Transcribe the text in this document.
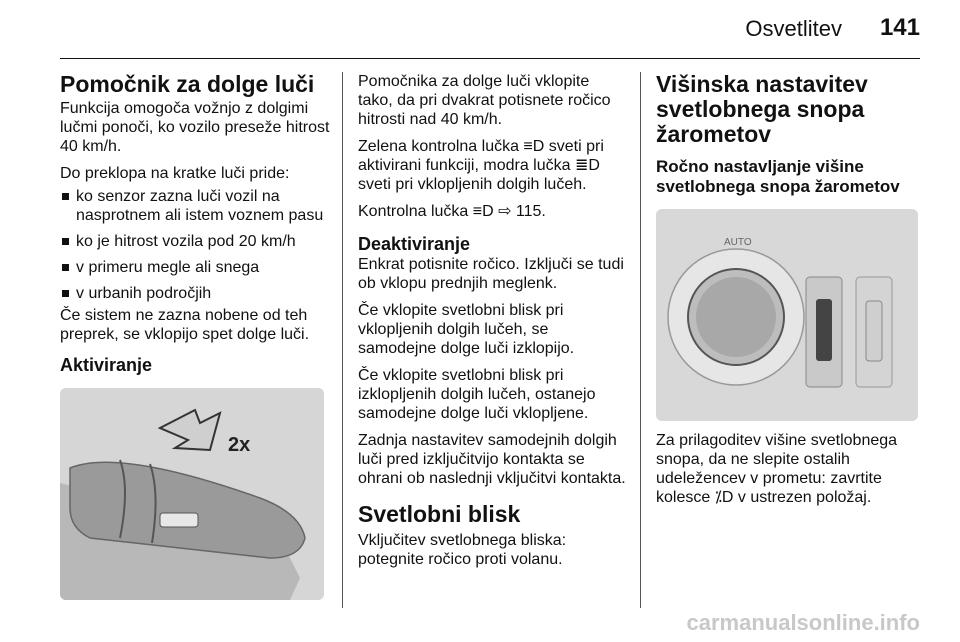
Osvetlitev 141
Pomočnik za dolge luči

Funkcija omogoča vožnjo z dolgimi lučmi ponoči, ko vozilo preseže hitrost 40 km/h.

Do preklopa na kratke luči pride:

ko senzor zazna luči vozil na nasprotnem ali istem voznem pasu
ko je hitrost vozila pod 20 km/h
v primeru megle ali snega
v urbanih področjih

Če sistem ne zazna nobene od teh preprek, se vklopijo spet dolge luči.

Aktiviranje
2x

Pomočnika za dolge luči vklopite tako, da pri dvakrat potisnete ročico hitrosti nad 40 km/h.

Zelena kontrolna lučka ≡D sveti pri aktivirani funkciji, modra lučka ≣D sveti pri vklopljenih dolgih lučeh.

Kontrolna lučka ≡D ⇨ 115.

Deaktiviranje

Enkrat potisnite ročico. Izključi se tudi ob vklopu prednjih meglenk.

Če vklopite svetlobni blisk pri vklopljenih dolgih lučeh, se samodejne dolge luči izklopijo.

Če vklopite svetlobni blisk pri izklopljenih dolgih lučeh, ostanejo samodejne dolge luči vklopljene.

Zadnja nastavitev samodejnih dolgih luči pred izključitvijo kontakta se ohrani ob naslednji vključitvi kontakta.

Svetlobni blisk

Vključitev svetlobnega bliska: potegnite ročico proti volanu.

Višinska nastavitev svetlobnega snopa žarometov
Ročno nastavljanje višine svetlobnega snopa žarometov
AUTO

Za prilagoditev višine svetlobnega snopa, da ne slepite ostalih udeležencev v prometu: zavrtite kolesce ⁒D v ustrezen položaj.

carmanualsonline.info
